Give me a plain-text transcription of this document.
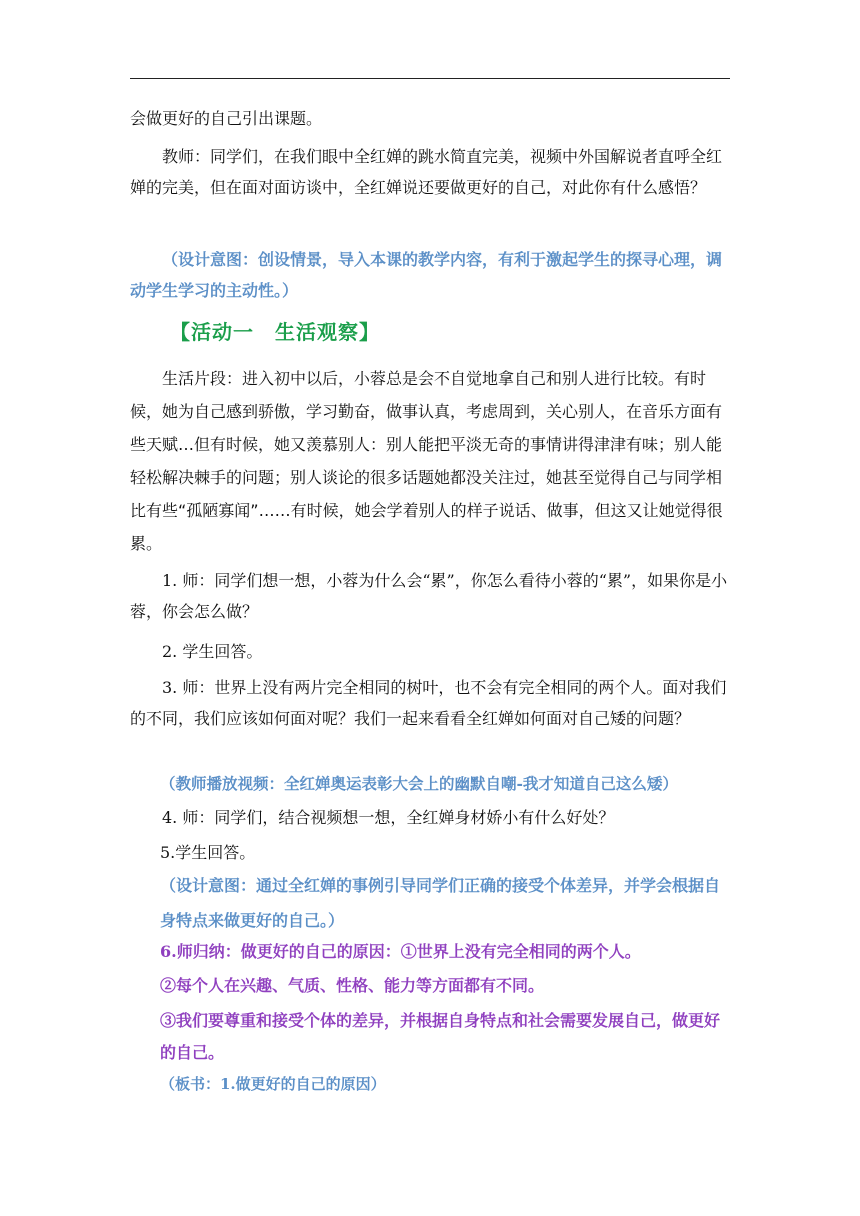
会做更好的自己引出课题。

教师：同学们，在我们眼中全红婵的跳水简直完美，视频中外国解说者直呼全红婵的完美，但在面对面访谈中，全红婵说还要做更好的自己，对此你有什么感悟？

（设计意图：创设情景，导入本课的教学内容，有利于激起学生的探寻心理，调动学生学习的主动性。）

【活动一　生活观察】

生活片段：进入初中以后，小蓉总是会不自觉地拿自己和别人进行比较。有时候，她为自己感到骄傲，学习勤奋，做事认真，考虑周到，关心别人，在音乐方面有些天赋…但有时候，她又羡慕别人：别人能把平淡无奇的事情讲得津津有味；别人能轻松解决棘手的问题；别人谈论的很多话题她都没关注过，她甚至觉得自己与同学相比有些“孤陋寡闻”……有时候，她会学着别人的样子说话、做事，但这又让她觉得很累。

1. 师：同学们想一想，小蓉为什么会“累”，你怎么看待小蓉的“累”，如果你是小蓉，你会怎么做？

2. 学生回答。

3. 师：世界上没有两片完全相同的树叶，也不会有完全相同的两个人。面对我们的不同，我们应该如何面对呢？我们一起来看看全红婵如何面对自己矮的问题？

（教师播放视频：全红婵奥运表彰大会上的幽默自嘲-我才知道自己这么矮）

4. 师：同学们，结合视频想一想，全红婵身材娇小有什么好处？

5.学生回答。

（设计意图：通过全红婵的事例引导同学们正确的接受个体差异，并学会根据自身特点来做更好的自己。）

6.师归纳：做更好的自己的原因：①世界上没有完全相同的两个人。

②每个人在兴趣、气质、性格、能力等方面都有不同。

③我们要尊重和接受个体的差异，并根据自身特点和社会需要发展自己，做更好的自己。

（板书：1.做更好的自己的原因）
